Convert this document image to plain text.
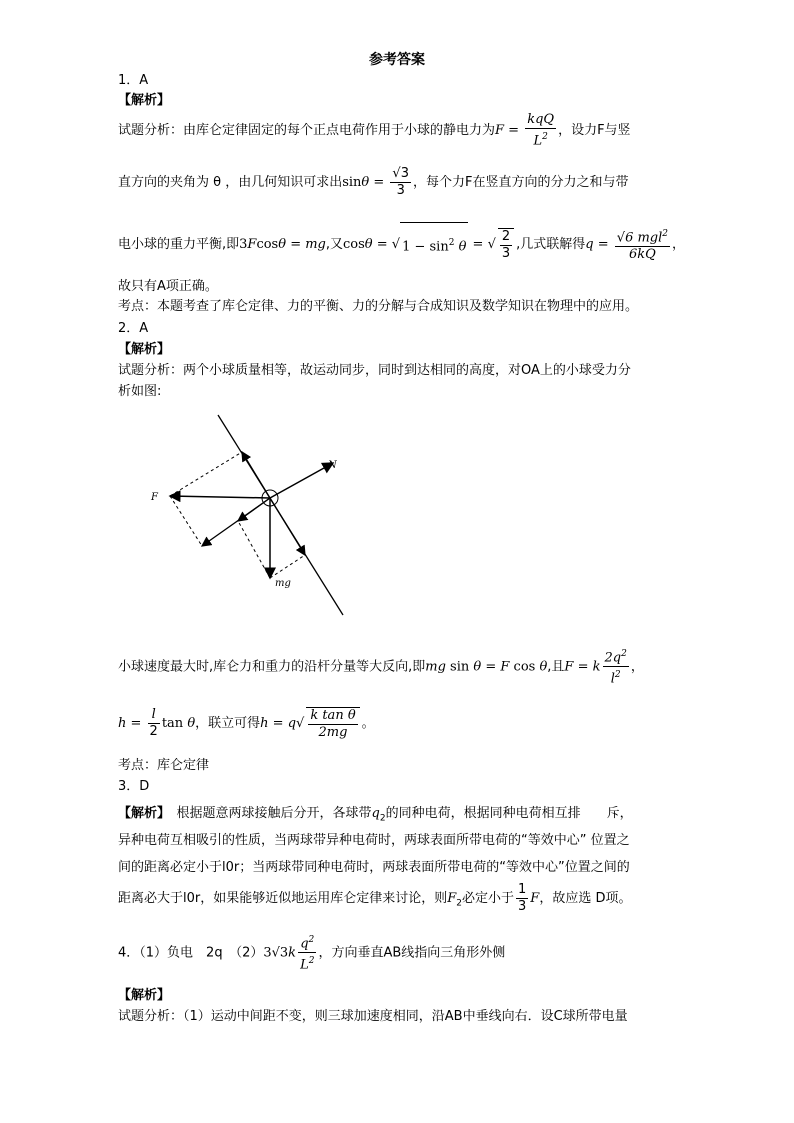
参考答案
1．A
【解析】
试题分析：由库仑定律固定的每个正点电荷作用于小球的静电力为$F = \frac{\text{kqQ}}{L^2}$ ，设力F与竖
直方向的夹角为 θ ，由几何知识可求出$\sin\theta = \frac{√3}{3}$ ，每个力F在竖直方向的分力之和与带
电小球的重力平衡,即3Fcosθ = mg,又cosθ = √ $1 - \sin^2 \theta$ = √ $\frac{2}{3}$ ,几式联解得$q = \frac{√6 mgl^2}{6kQ}$ ，
故只有A项正确。
考点：本题考查了库仑定律、力的平衡、力的分解与合成知识及数学知识在物理中的应用。
2．A
【解析】
试题分析：两个小球质量相等，故运动同步，同时到达相同的高度，对OA上的小球受力分
析如图:
F
N
mg
小球速度最大时,库仑力和重力的沿杆分量等大反向,即mg sin θ = F cos θ,且F = k $\frac{2q^2}{l^2}$ ，
$h = \frac{l}{2}$ tan θ，联立可得$h = q√ \frac{\text{k tan θ}}{2mg}$ 。
考点：库仑定律
3．D
【解析】　 根据题意两球接触后分开，各球带$q_2$的同种电荷，根据同种电荷相互排　　斥，
异种电荷互相吸引的性质，当两球带异种电荷时，两球表面所带电荷的“等效中心” 位置之
间的距离必定小于l0r；当两球带同种电荷时，两球表面所带电荷的“等效中心”位置之间的
距离必大于l0r，如果能够近似地运用库仑定律来讨论，则$F_2$必定小于 $\frac{1}{3}$ F，故应选 D项。
4．（1）负电　2q　$(2)3√3k \frac{q^2}{L^2}$ ，方向垂直AB线指向三角形外侧
【解析】
试题分析：（1）运动中间距不变，则三球加速度相同，沿AB中垂线向右．设C球所带电量
